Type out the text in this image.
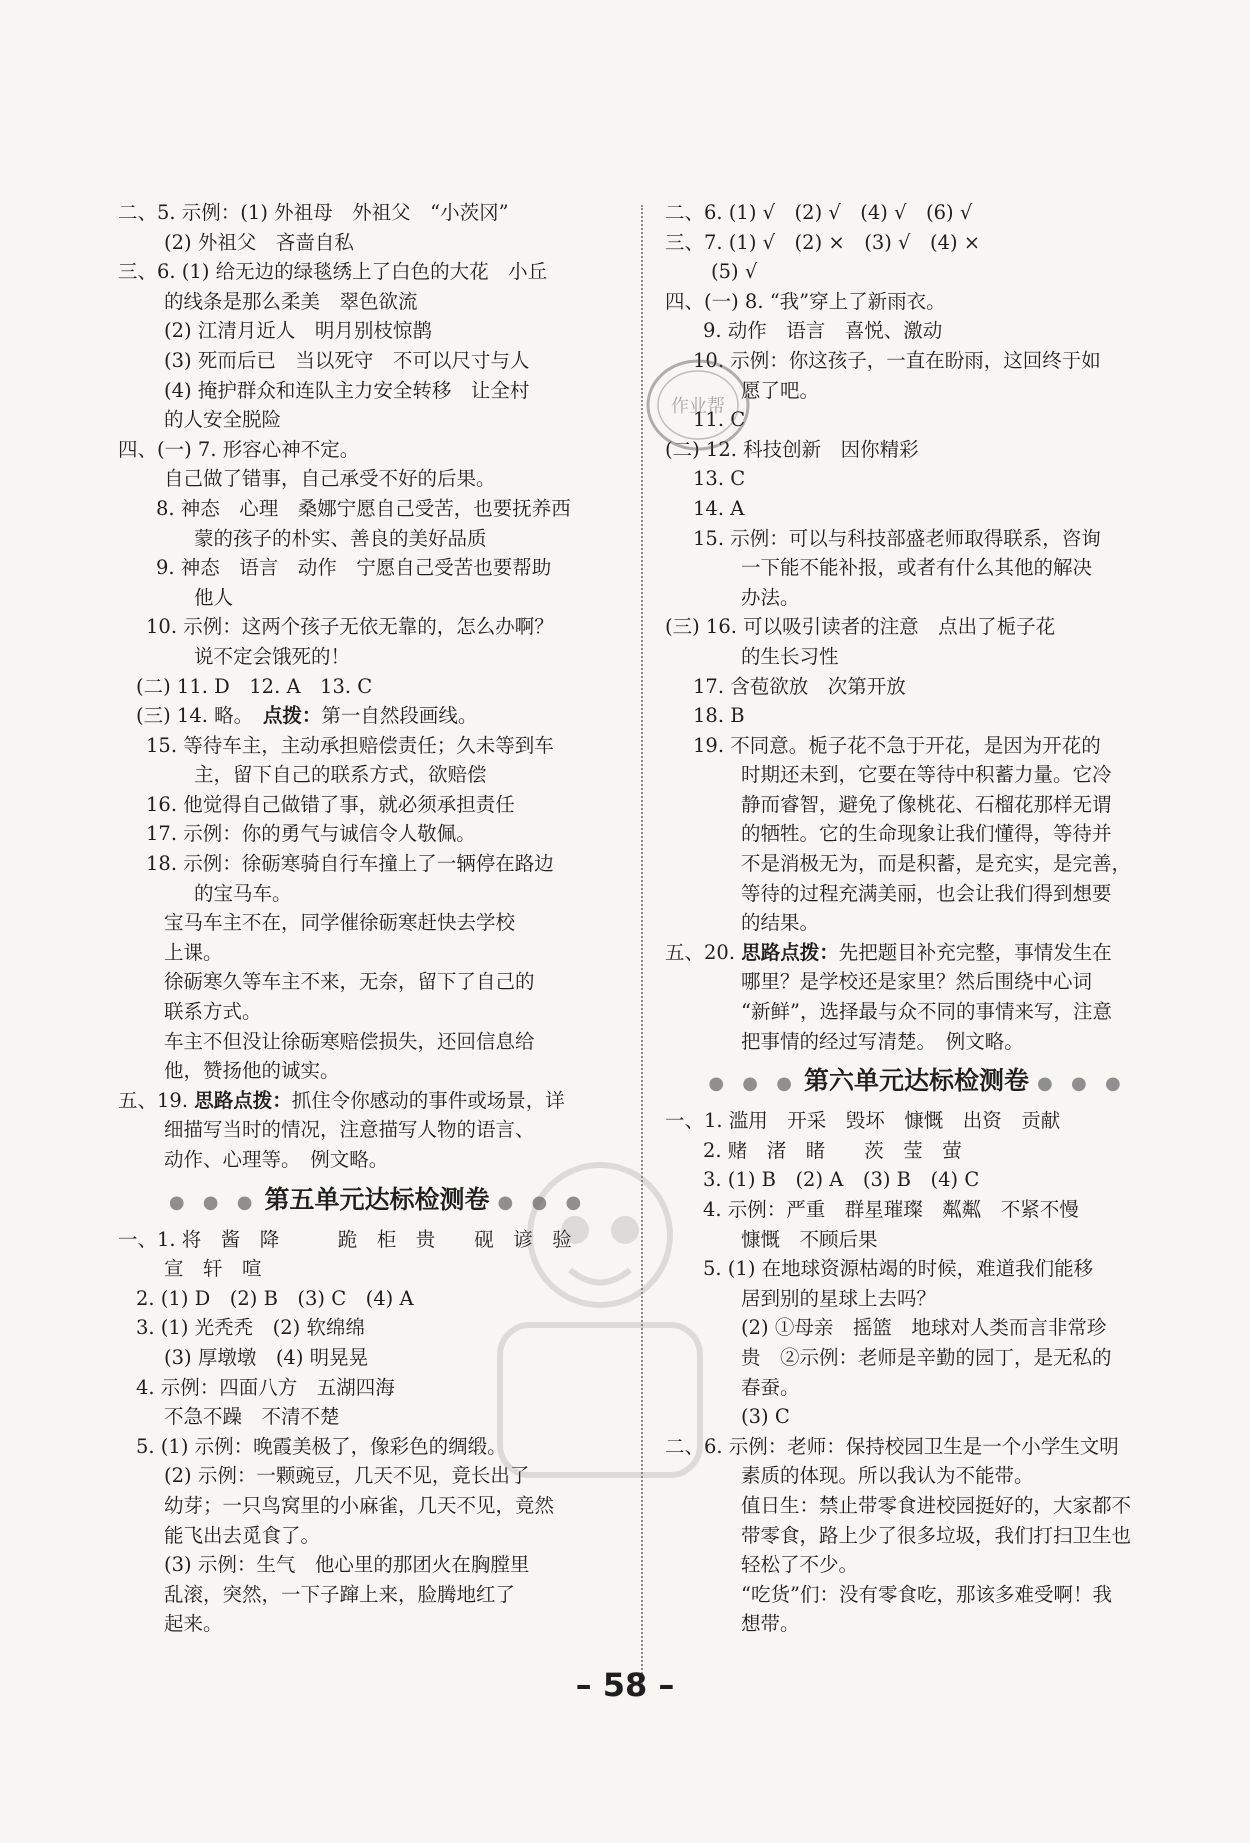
二、5. 示例：(1) 外祖母　外祖父　“小茨冈”
(2) 外祖父　吝啬自私
三、6. (1) 给无边的绿毯绣上了白色的大花　小丘
的线条是那么柔美　翠色欲流
(2) 江清月近人　明月别枝惊鹊
(3) 死而后已　当以死守　不可以尺寸与人
(4) 掩护群众和连队主力安全转移　让全村
的人安全脱险
四、(一) 7. 形容心神不定。
自己做了错事，自己承受不好的后果。
8. 神态　心理　桑娜宁愿自己受苦，也要抚养西
蒙的孩子的朴实、善良的美好品质
9. 神态　语言　动作　宁愿自己受苦也要帮助
他人
10. 示例：这两个孩子无依无靠的，怎么办啊？
说不定会饿死的！
(二) 11. D　12. A　13. C
(三) 14. 略。　点拨：第一自然段画线。
15. 等待车主，主动承担赔偿责任；久未等到车
主，留下自己的联系方式，欲赔偿
16. 他觉得自己做错了事，就必须承担责任
17. 示例：你的勇气与诚信令人敬佩。
18. 示例：徐砺寒骑自行车撞上了一辆停在路边
的宝马车。
宝马车主不在，同学催徐砺寒赶快去学校
上课。
徐砺寒久等车主不来，无奈，留下了自己的
联系方式。
车主不但没让徐砺寒赔偿损失，还回信息给
他，赞扬他的诚实。
五、19. 思路点拨：抓住令你感动的事件或场景，详
细描写当时的情况，注意描写人物的语言、
动作、心理等。　例文略。
● ● ● 第五单元达标检测卷 ● ● ●
一、1. 将　酱　降　　　跪　柜　贵　　砚　谚　验
宣　轩　喧
2. (1) D　(2) B　(3) C　(4) A
3. (1) 光秃秃　(2) 软绵绵
(3) 厚墩墩　(4) 明晃晃
4. 示例：四面八方　五湖四海
不急不躁　不清不楚
5. (1) 示例：晚霞美极了，像彩色的绸缎。
(2) 示例：一颗豌豆，几天不见，竟长出了
幼芽；一只鸟窝里的小麻雀，几天不见，竟然
能飞出去觅食了。
(3) 示例：生气　他心里的那团火在胸膛里
乱滚，突然，一下子蹿上来，脸腾地红了
起来。
二、6. (1) √　(2) √　(4) √　(6) √
三、7. (1) √　(2) ×　(3) √　(4) ×
(5) √
四、(一) 8. “我”穿上了新雨衣。
9. 动作　语言　喜悦、激动
10. 示例：你这孩子，一直在盼雨，这回终于如
愿了吧。
11. C
(二) 12. 科技创新　因你精彩
13. C
14. A
15. 示例：可以与科技部盛老师取得联系，咨询
一下能不能补报，或者有什么其他的解决
办法。
(三) 16. 可以吸引读者的注意　点出了栀子花
的生长习性
17. 含苞欲放　次第开放
18. B
19. 不同意。栀子花不急于开花，是因为开花的
时期还未到，它要在等待中积蓄力量。它冷
静而睿智，避免了像桃花、石榴花那样无谓
的牺牲。它的生命现象让我们懂得，等待并
不是消极无为，而是积蓄，是充实，是完善，
等待的过程充满美丽，也会让我们得到想要
的结果。
五、20. 思路点拨：先把题目补充完整，事情发生在
哪里？是学校还是家里？然后围绕中心词
“新鲜”，选择最与众不同的事情来写，注意
把事情的经过写清楚。　例文略。
● ● ● 第六单元达标检测卷 ● ● ●
一、1. 滥用　开采　毁坏　慷慨　出资　贡献
2. 赌　渚　睹　　茨　莹　萤
3. (1) B　(2) A　(3) B　(4) C
4. 示例：严重　群星璀璨　粼粼　不紧不慢
慷慨　不顾后果
5. (1) 在地球资源枯竭的时候，难道我们能移
居到别的星球上去吗？
(2) ①母亲　摇篮　地球对人类而言非常珍
贵　②示例：老师是辛勤的园丁，是无私的
春蚕。
(3) C
二、6. 示例：老师：保持校园卫生是一个小学生文明
素质的体现。所以我认为不能带。
值日生：禁止带零食进校园挺好的，大家都不
带零食，路上少了很多垃圾，我们打扫卫生也
轻松了不少。
“吃货”们：没有零食吃，那该多难受啊！我
想带。
作业帮
– 58 –
